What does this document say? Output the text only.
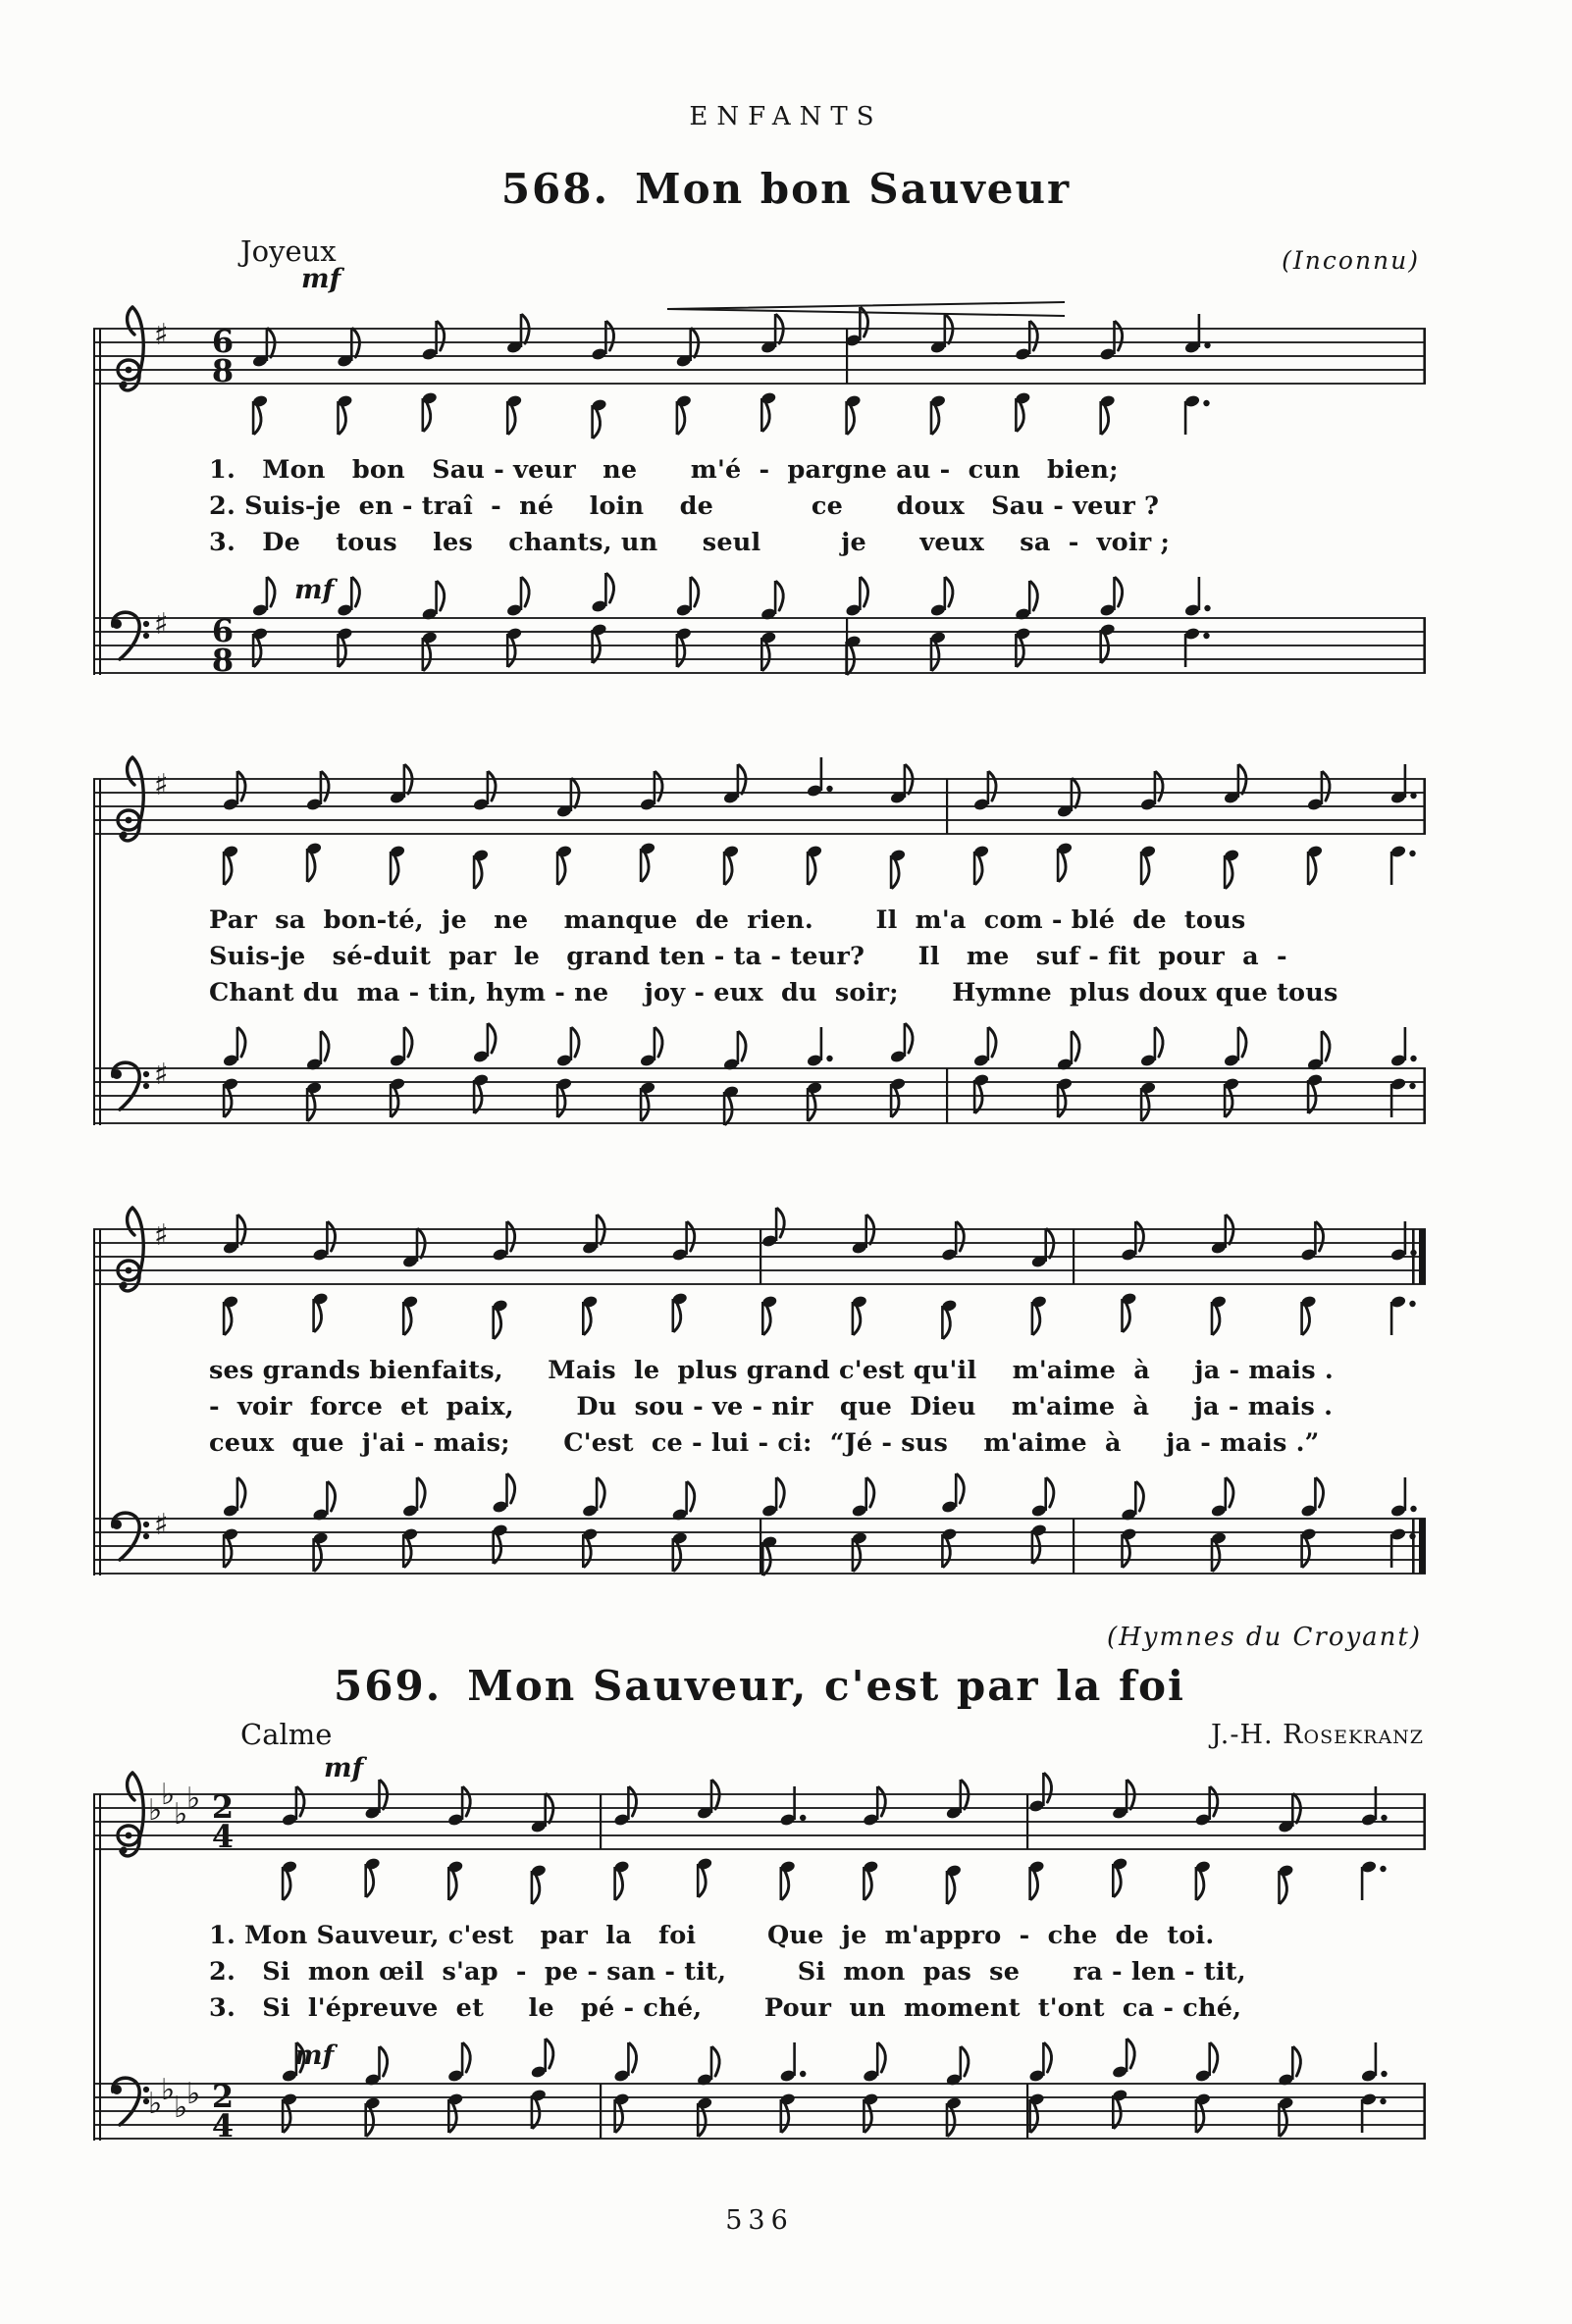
ENFANTS
568. Mon bon Sauveur
Joyeux
mf
(Inconnu)
♯ 6
8
1.   Mon   bon   Sau - veur   ne      m'é  -  pargne au -  cun   bien;
2. Suis-je  en - traî  -  né    loin    de           ce      doux   Sau - veur ?
3.   De    tous    les    chants, un     seul         je      veux    sa  -  voir ;
mf
♯ 6
8
♯
Par  sa  bon-té,  je   ne    manque  de  rien.       Il  m'a  com - blé  de  tous
Suis-je   sé-duit  par  le   grand ten - ta - teur?      Il   me   suf - fit  pour  a  -
Chant du  ma - tin, hym - ne    joy - eux  du  soir;      Hymne  plus doux que tous
♯
♯
ses grands bienfaits,     Mais  le  plus grand c'est qu'il    m'aime  à     ja - mais .
-  voir  force  et  paix,       Du  sou - ve - nir   que  Dieu    m'aime  à     ja - mais .
ceux  que  j'ai - mais;      C'est  ce - lui - ci:  “Jé - sus    m'aime  à     ja - mais .”
♯
(Hymnes du Croyant)
569. Mon Sauveur, c'est par la foi
Calme	J.-H. Rosekranz
mf
♭
♭
♭
♭ 2
4
1. Mon Sauveur, c'est   par  la   foi        Que  je  m'appro  -  che  de  toi.
2.   Si  mon œil  s'ap  -  pe - san - tit,        Si  mon  pas  se      ra - len - tit,
3.   Si  l'épreuve  et     le   pé - ché,       Pour  un  moment  t'ont  ca - ché,
mf
♭
♭
♭
♭ 2
4
536
